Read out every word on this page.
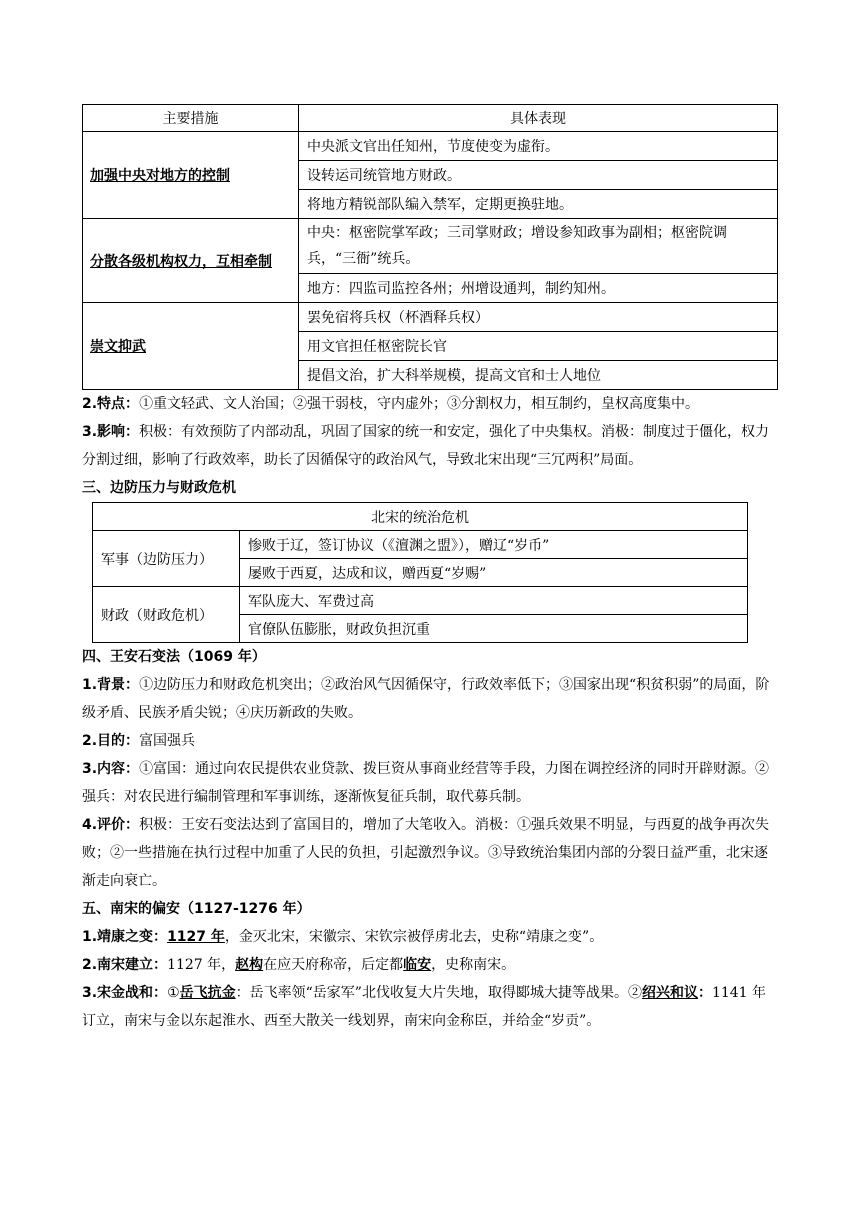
主要措施	具体表现
加强中央对地方的控制	中央派文官出任知州，节度使变为虚衔。
	设转运司统管地方财政。
	将地方精锐部队编入禁军，定期更换驻地。
分散各级机构权力，互相牵制	中央：枢密院掌军政；三司掌财政；增设参知政事为副相；枢密院调兵，“三衙”统兵。
	地方：四监司监控各州；州增设通判，制约知州。
崇文抑武	罢免宿将兵权（杯酒释兵权）
	用文官担任枢密院长官
	提倡文治，扩大科举规模，提高文官和士人地位

2.特点：①重文轻武、文人治国；②强干弱枝，守内虚外；③分割权力，相互制约，皇权高度集中。

3.影响：积极：有效预防了内部动乱，巩固了国家的统一和安定，强化了中央集权。消极：制度过于僵化，权力分割过细，影响了行政效率，助长了因循保守的政治风气，导致北宋出现“三冗两积”局面。

三、边防压力与财政危机

北宋的统治危机	
军事（边防压力）	惨败于辽，签订协议（《澶渊之盟》），赠辽“岁币”
	屡败于西夏，达成和议，赠西夏“岁赐”
财政（财政危机）	军队庞大、军费过高
	官僚队伍膨胀，财政负担沉重

四、王安石变法（1069 年）

1.背景：①边防压力和财政危机突出；②政治风气因循保守，行政效率低下；③国家出现“积贫积弱”的局面，阶级矛盾、民族矛盾尖锐；④庆历新政的失败。

2.目的：富国强兵

3.内容：①富国：通过向农民提供农业贷款、拨巨资从事商业经营等手段，力图在调控经济的同时开辟财源。②强兵：对农民进行编制管理和军事训练，逐渐恢复征兵制，取代募兵制。

4.评价：积极：王安石变法达到了富国目的，增加了大笔收入。消极：①强兵效果不明显，与西夏的战争再次失败；②一些措施在执行过程中加重了人民的负担，引起激烈争议。③导致统治集团内部的分裂日益严重，北宋逐渐走向衰亡。

五、南宋的偏安（1127-1276 年）

1.靖康之变：1127 年，金灭北宋，宋徽宗、宋钦宗被俘虏北去，史称“靖康之变”。

2.南宋建立：1127 年，赵构在应天府称帝，后定都临安，史称南宋。

3.宋金战和：①岳飞抗金：岳飞率领“岳家军”北伐收复大片失地，取得郾城大捷等战果。②绍兴和议：1141 年订立，南宋与金以东起淮水、西至大散关一线划界，南宋向金称臣，并给金“岁贡”。
